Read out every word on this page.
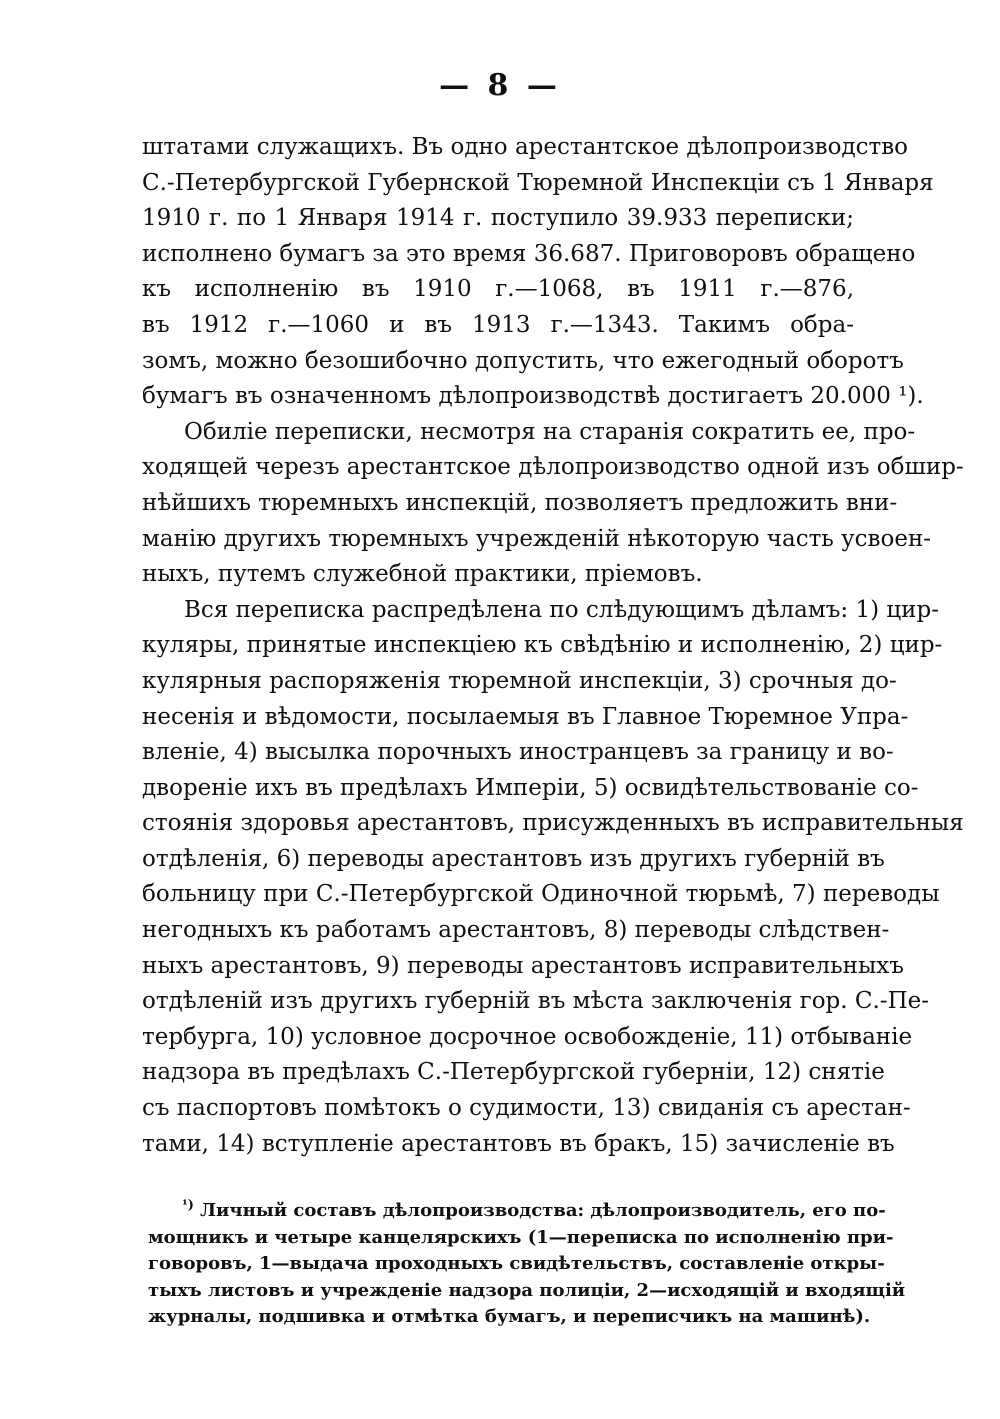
— 8 —
штатами служащихъ. Въ одно арестантское дѣлопроизводство
С.-Петербургской Губернской Тюремной Инспекціи съ 1 Января
1910 г. по 1 Января 1914 г. поступило 39.933 переписки;
исполнено бумагъ за это время 36.687. Приговоровъ обращено
къ исполненію въ 1910 г.—1068, въ 1911 г.—876,
въ 1912 г.—1060 и въ 1913 г.—1343. Такимъ обра-
зомъ, можно безошибочно допустить, что ежегодный оборотъ
бумагъ въ означенномъ дѣлопроизводствѣ достигаетъ 20.000 ¹).
Обиліе переписки, несмотря на старанія сократить ее, про-
ходящей черезъ арестантское дѣлопроизводство одной изъ обшир-
нѣйшихъ тюремныхъ инспекцій, позволяетъ предложить вни-
манію другихъ тюремныхъ учрежденій нѣкоторую часть усвоен-
ныхъ, путемъ служебной практики, пріемовъ.
Вся переписка распредѣлена по слѣдующимъ дѣламъ: 1) цир-
куляры, принятые инспекціею къ свѣдѣнію и исполненію, 2) цир-
кулярныя распоряженія тюремной инспекціи, 3) срочныя до-
несенія и вѣдомости, посылаемыя въ Главное Тюремное Упра-
вленіе, 4) высылка порочныхъ иностранцевъ за границу и во-
двореніе ихъ въ предѣлахъ Имперіи, 5) освидѣтельствованіе со-
стоянія здоровья арестантовъ, присужденныхъ въ исправительныя
отдѣленія, 6) переводы арестантовъ изъ другихъ губерній въ
больницу при С.-Петербургской Одиночной тюрьмѣ, 7) переводы
негодныхъ къ работамъ арестантовъ, 8) переводы слѣдствен-
ныхъ арестантовъ, 9) переводы арестантовъ исправительныхъ
отдѣленій изъ другихъ губерній въ мѣста заключенія гор. С.-Пе-
тербурга, 10) условное досрочное освобожденіе, 11) отбываніе
надзора въ предѣлахъ С.-Петербургской губерніи, 12) снятіе
съ паспортовъ помѣтокъ о судимости, 13) свиданія съ арестан-
тами, 14) вступленіе арестантовъ въ бракъ, 15) зачисленіе въ
$^{^1)}$ Личный составъ дѣлопроизводства: дѣлопроизводитель, его по-
мощникъ и четыре канцелярскихъ (1—переписка по исполненію при-
говоровъ, 1—выдача проходныхъ свидѣтельствъ, составленіе откры-
тыхъ листовъ и учрежденіе надзора полиціи, 2—исходящій и входящій
журналы, подшивка и отмѣтка бумагъ, и переписчикъ на машинѣ).
